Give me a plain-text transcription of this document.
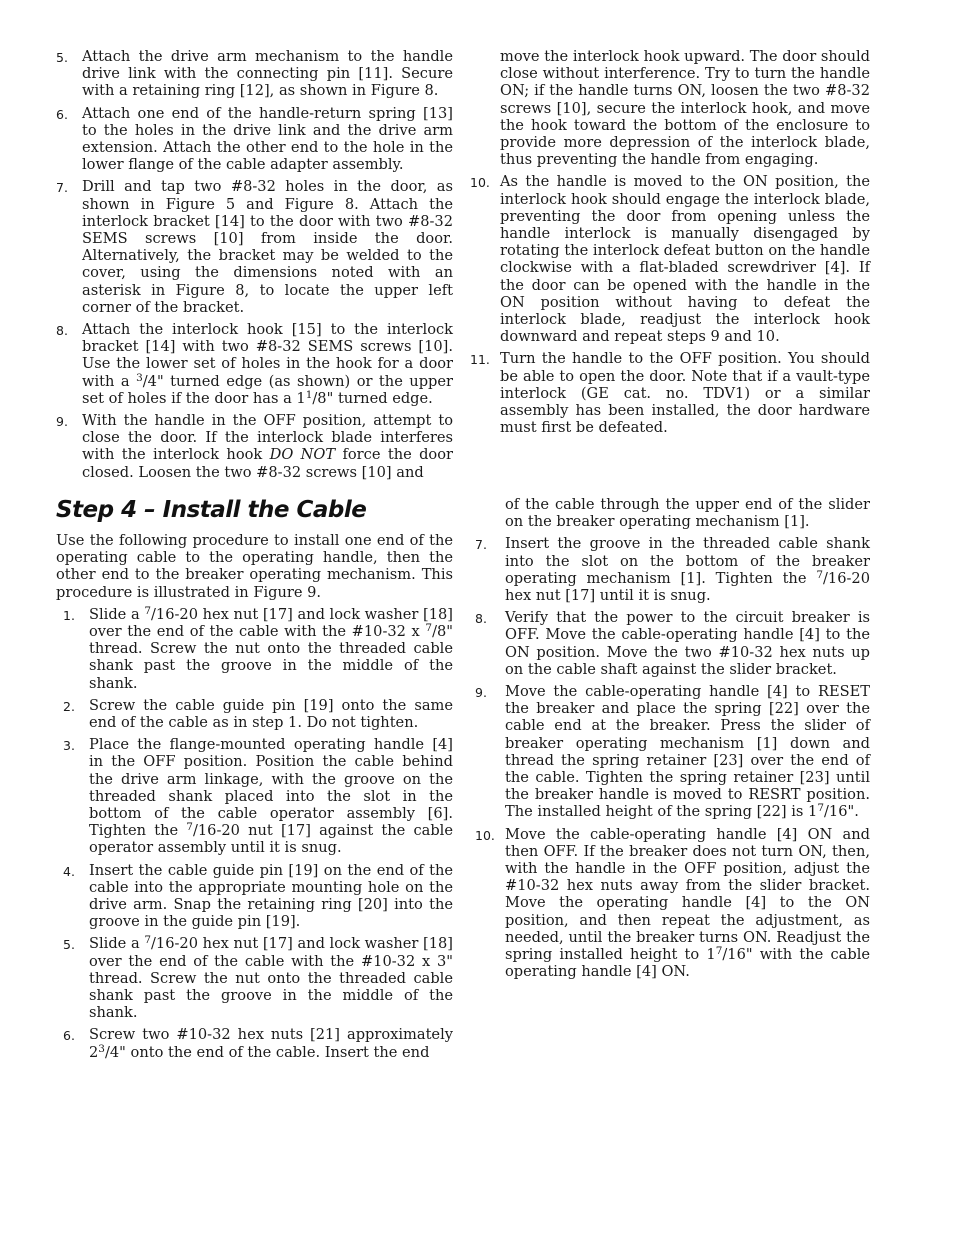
5. Attach the drive arm mechanism to the handle drive link with the connecting pin [11]. Secure with a retaining ring [12], as shown in Figure 8.
6. Attach one end of the handle-return spring [13] to the holes in the drive link and the drive arm extension. Attach the other end to the hole in the lower flange of the cable adapter assembly.
7. Drill and tap two #8-32 holes in the door, as shown in Figure 5 and Figure 8. Attach the interlock bracket [14] to the door with two #8-32 SEMS screws [10] from inside the door. Alternatively, the bracket may be welded to the cover, using the dimensions noted with an asterisk in Figure 8, to locate the upper left corner of the bracket.
8. Attach the interlock hook [15] to the interlock bracket [14] with two #8-32 SEMS screws [10]. Use the lower set of holes in the hook for a door with a $^3$/4" turned edge (as shown) or the upper set of holes if the door has a $1^1/8$" turned edge.
9. With the handle in the OFF position, attempt to close the door. If the interlock blade interferes with the interlock hook DO NOT force the door closed. Loosen the two #8-32 screws [10] and
move the interlock hook upward. The door should close without interference. Try to turn the handle ON; if the handle turns ON, loosen the two #8-32 screws [10], secure the interlock hook, and move the hook toward the bottom of the enclosure to provide more depression of the interlock blade, thus preventing the handle from engaging.
10. As the handle is moved to the ON position, the interlock hook should engage the interlock blade, preventing the door from opening unless the handle interlock is manually disengaged by rotating the interlock defeat button on the handle clockwise with a flat-bladed screwdriver [4]. If the door can be opened with the handle in the ON position without having to defeat the interlock blade, readjust the interlock hook downward and repeat steps 9 and 10.
11. Turn the handle to the OFF position. You should be able to open the door. Note that if a vault-type interlock (GE cat. no. TDV1) or a similar assembly has been installed, the door hardware must first be defeated.
Step 4 – Install the Cable
Use the following procedure to install one end of the operating cable to the operating handle, then the other end to the breaker operating mechanism. This procedure is illustrated in Figure 9.
1. Slide a $^7$/16-20 hex nut [17] and lock washer [18] over the end of the cable with the #10-32 x $^7$/8" thread. Screw the nut onto the threaded cable shank past the groove in the middle of the shank.
2. Screw the cable guide pin [19] onto the same end of the cable as in step 1. Do not tighten.
3. Place the flange-mounted operating handle [4] in the OFF position. Position the cable behind the drive arm linkage, with the groove on the threaded shank placed into the slot in the bottom of the cable operator assembly [6]. Tighten the $^7$/16-20 nut [17] against the cable operator assembly until it is snug.
4. Insert the cable guide pin [19] on the end of the cable into the appropriate mounting hole on the drive arm. Snap the retaining ring [20] into the groove in the guide pin [19].
5. Slide a $^7$/16-20 hex nut [17] and lock washer [18] over the end of the cable with the #10-32 x 3" thread. Screw the nut onto the threaded cable shank past the groove in the middle of the shank.
6. Screw two #10-32 hex nuts [21] approximately $2^3/4$" onto the end of the cable. Insert the end
of the cable through the upper end of the slider on the breaker operating mechanism [1].
7.	Insert the groove in the threaded cable shank into the slot on the bottom of the breaker operating mechanism [1]. Tighten the $^7$/16-20 hex nut [17] until it is snug.
8.	Verify that the power to the circuit breaker is OFF. Move the cable-operating handle [4] to the ON position. Move the two #10-32 hex nuts up on the cable shaft against the slider bracket.
9.	Move the cable-operating handle [4] to RESET the breaker and place the spring [22] over the cable end at the breaker. Press the slider of breaker operating mechanism [1] down and thread the spring retainer [23] over the end of the cable. Tighten the spring retainer [23] until the breaker handle is moved to RESRT position. The installed height of the spring [22] is $1^7/16$".
10. Move the cable-operating handle [4] ON and then OFF. If the breaker does not turn ON, then, with the handle in the OFF position, adjust the #10-32 hex nuts away from the slider bracket. Move the operating handle [4] to the ON position, and then repeat the adjustment, as needed, until the breaker turns ON. Readjust the spring installed height to $1^7/16$" with the cable operating handle [4] ON.
